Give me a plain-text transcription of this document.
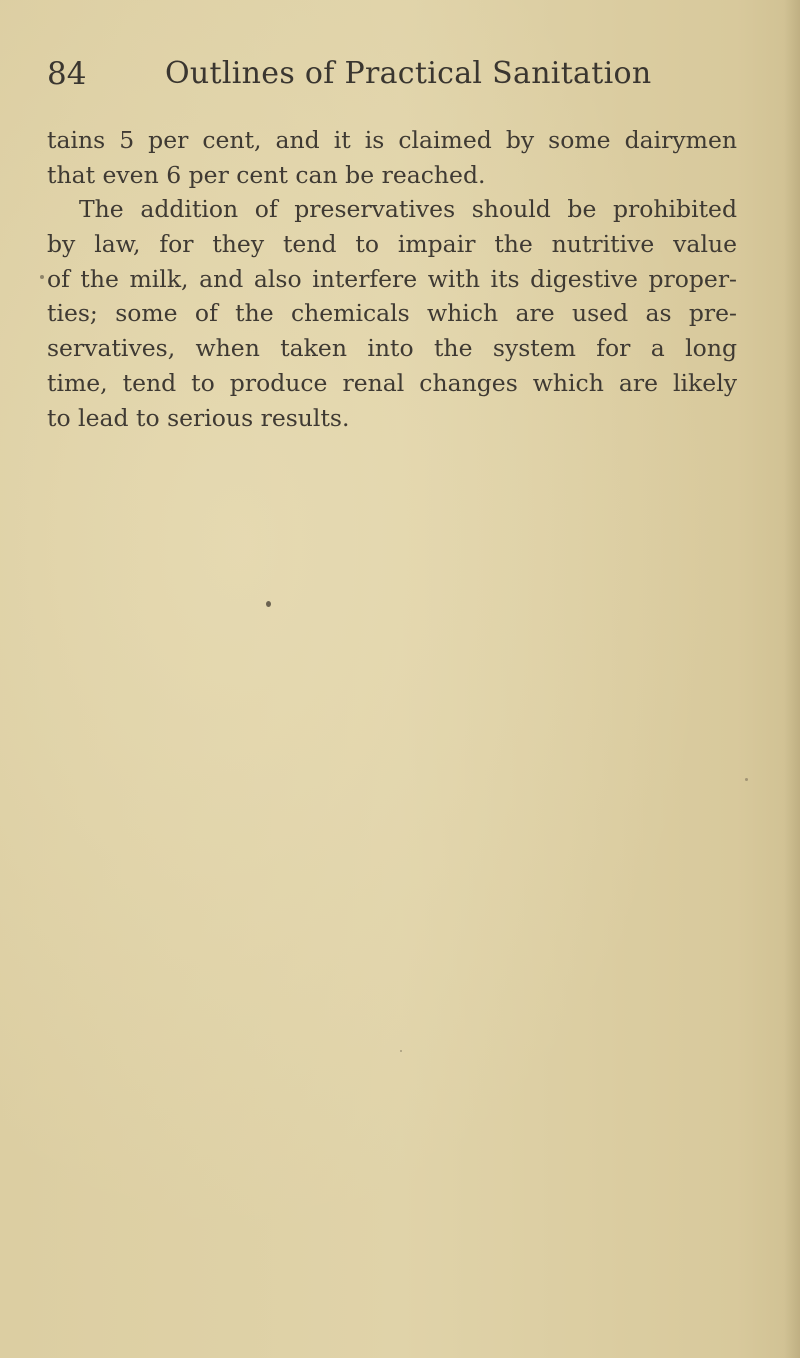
84	Outlines of Practical Sanitation
tains 5 per cent, and it is claimed by some dairymen
that even 6 per cent can be reached.
The addition of preservatives should be prohibited
by law, for they tend to impair the nutritive value
of the milk, and also interfere with its digestive proper-
ties; some of the chemicals which are used as pre-
servatives, when taken into the system for a long
time, tend to produce renal changes which are likely
to lead to serious results.
